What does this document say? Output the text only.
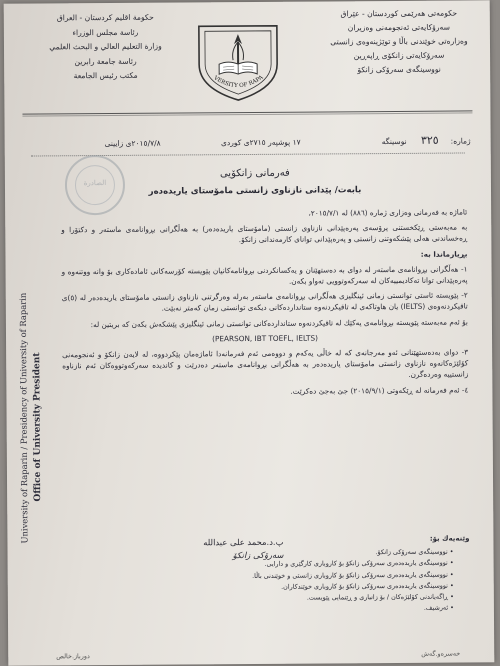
حكومەتی هەرێمی كوردستان - عێراق
سەرۆكایەتی ئەنجومەنی وەزیران
وەزارەتی خوێندنی باڵا و توێژینەوەی زانستی
سەرۆكایەتی زانكۆی ڕاپەڕین
نووسینگەی سەرۆكی زانكۆ
حكومة اقليم كردستان - العراق
رئاسة مجلس الوزراء
وزارة التعليم العالي و البحث العلمي
رئاسة جامعة رابرين
مكتب رئيس الجامعة
UNIVERSITY OF RAPARIN
ژمارە:
٣٢٥
نوسینگە
١٧ پوشپەر ٢٧١٥ی كوردی
٢٠١٥/٧/٨ی زایینی
الصادرة
فەرمانی زانكۆیی
بابەت/ پێدانی نازناوی زانستی مامۆستای یاریدەدەر
University of Raparin / Presidency of University of Raparin Office of University President

ئاماژە بە فەرمانی وەزاری ژمارە (٨٨٦) لە ٢٠١٥/٧/١،

بە مەبەستی ڕێكخستنی پرۆسەی پەرەپێدانی نازناوی زانستی (مامۆستای یاریدەدەر) بە هەڵگرانی بڕوانامەی ماستەر و دكتۆرا و ڕەخساندنی هەلی پێشكەوتنی زانستی و پەرەپێدانی توانای كارمەندانی زانكۆ.

بڕیارماندا بە:

١- هەڵگرانی بڕوانامەی ماستەر لە دوای بە دەستهێنان و یەكسانكردنی بڕوانامەكانیان پێویستە كۆرسەكانی ئامادەكاری بۆ وانە ووتنەوە و پەرەپێدانی توانا تەكادیمییەكان لە سەركەوتوویی تەواو بكەن.

٢- پێویستە ئاستی توانستی زمانی ئینگلیزی هەڵگرانی بڕوانامەی ماستەر بەرلە وەرگرتنی نازناوی زانستی مامۆستای یاریدەدەر لە (٥)ی تاقیكردنەوەی (IELTS) یان هاوتاكەی لە تاقیكردنەوە ستانداردەكانی دیكەی توانستی زمان كەمتر نەبێت.

بۆ ئەم مەبەستە پێویستە بڕوانامەی یەكێك لە تاقیكردنەوە ستانداردەكانی توانستی زمانی ئینگلیزی پێشكەش بكەن كە بریتین لە:

(PEARSON, IBT TOEFL, IELTS)

٣- دوای بەدەستهێنانی ئەو مەرجانەی كە لە خاڵی یەكەم و دووەمی ئەم فەرمانەدا ئاماژەمان پێكردووە، لە لایەن زانكۆ و ئەنجومەنی كۆلێژەكانەوە نازناوی زانستی مامۆستای یاریدەدەر بە هەڵگرانی بڕوانامەی ماستەر دەدرێت و كاندیدە سەركەوتووەكان ئەم نازناوە زانستییە وەردەگرن.

٤- ئەم فەرمانە لە ڕێكەوتی (٢٠١٥/٩/١) جێ بەجێ دەكرێت.

پ.د.محمد علی عبدالله
سەرۆكی زانكۆ
وێنەیەك بۆ:
• نووسینگەی سەرۆكی زانكۆ.
• نووسینگەی یاریدەدەری سەرۆكی زانكۆ بۆ كاروباری كارگێری و دارایی.
• نووسینگەی یاریدەدەری سەرۆكی زانكۆ بۆ كاروباری زانستی و خوێندنی باڵا.
• نووسینگەی یاریدەدەری سەرۆكی زانكۆ بۆ كاروباری خوێندكاران.
• ڕاگەیاندنی كۆلێژەكان / بۆ زانیاری و ڕێنمایی پێویست.
• ئەرشیف.
دورباز.خالص	خەسرەو.گەش
